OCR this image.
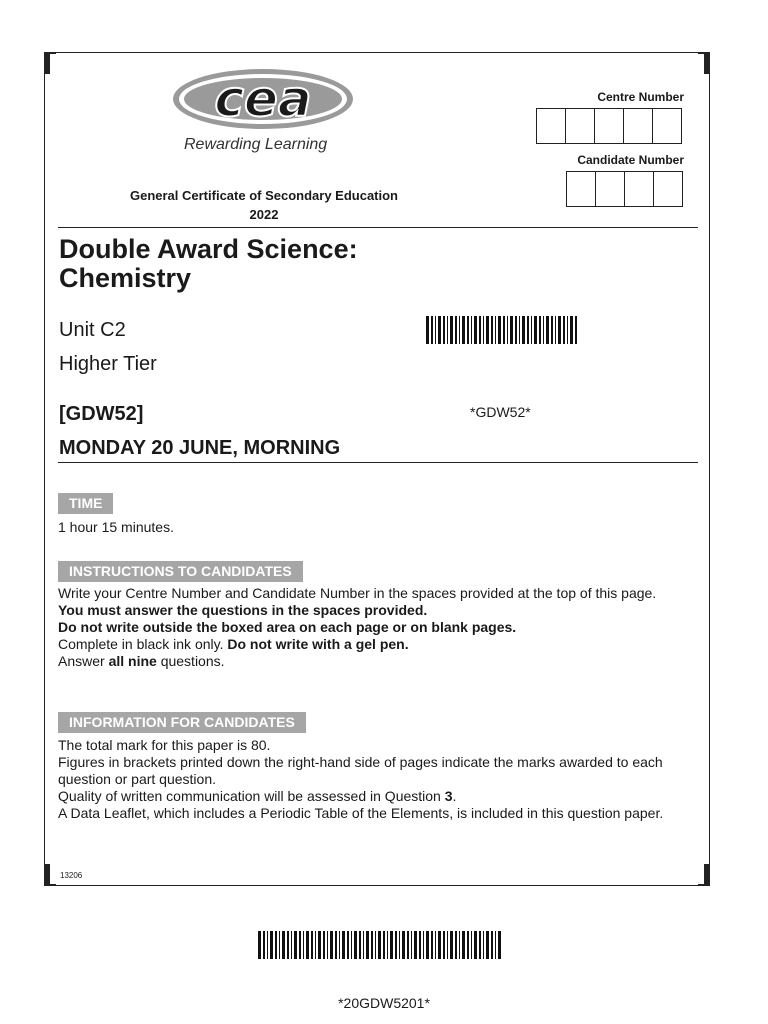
cea
Rewarding Learning
Centre Number
Candidate Number
General Certificate of Secondary Education
2022
Double Award Science:
Chemistry
Unit C2
Higher Tier
*GDW52*
[GDW52]
MONDAY 20 JUNE, MORNING
TIME
1 hour 15 minutes.
INSTRUCTIONS TO CANDIDATES

Write your Centre Number and Candidate Number in the spaces provided at the top of this page.

You must answer the questions in the spaces provided.

Do not write outside the boxed area on each page or on blank pages.

Complete in black ink only. Do not write with a gel pen.

Answer all nine questions.

INFORMATION FOR CANDIDATES

The total mark for this paper is 80.

Figures in brackets printed down the right-hand side of pages indicate the marks awarded to each question or part question.

Quality of written communication will be assessed in Question 3.

A Data Leaflet, which includes a Periodic Table of the Elements, is included in this question paper.

13206
*20GDW5201*
